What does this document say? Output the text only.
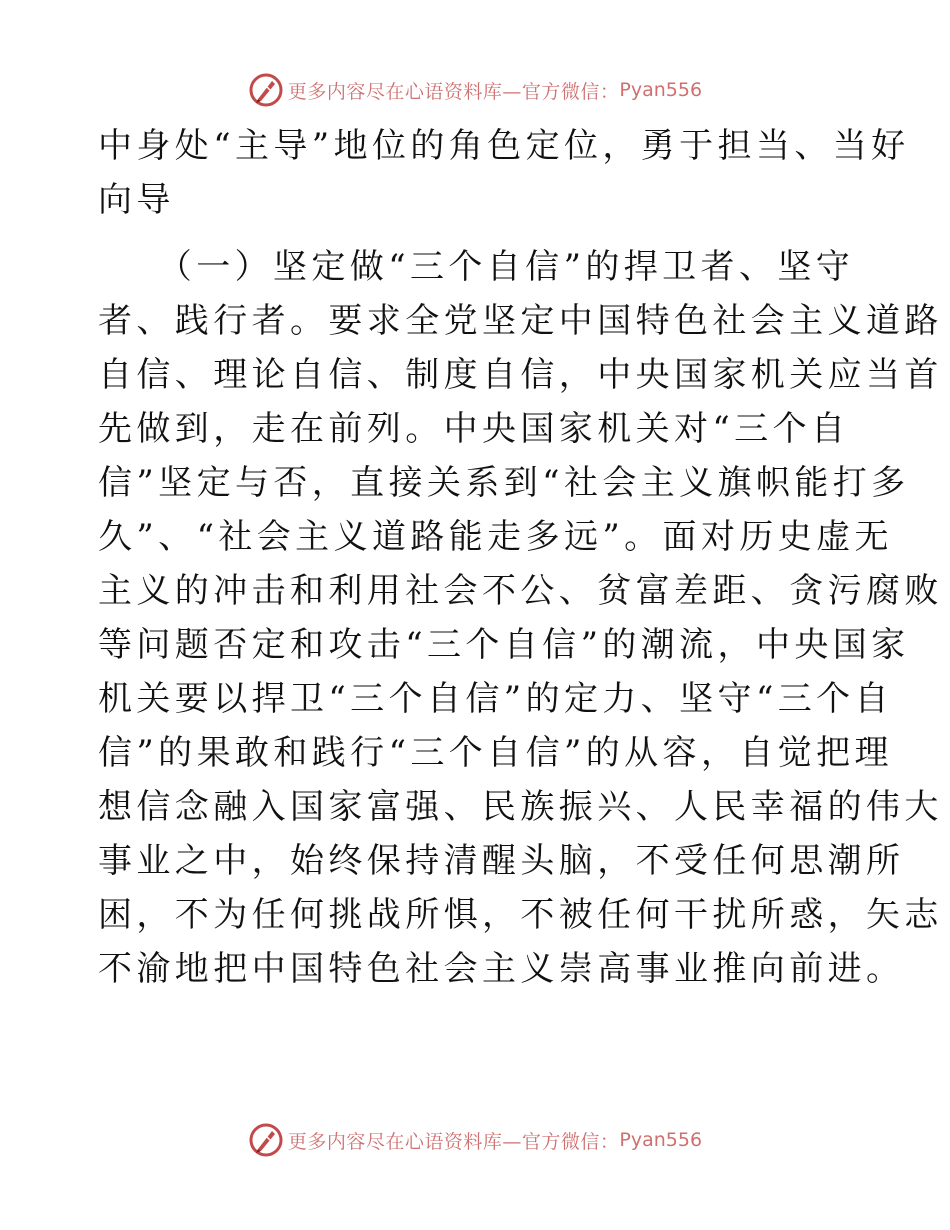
更多内容尽在心语资料库—官方微信： Pyan556

中身处“主导”地位的角色定位，勇于担当、当好
向导

　　（一）坚定做“三个自信”的捍卫者、坚守
者、践行者。要求全党坚定中国特色社会主义道路
自信、理论自信、制度自信，中央国家机关应当首
先做到，走在前列。中央国家机关对“三个自
信”坚定与否，直接关系到“社会主义旗帜能打多
久”、“社会主义道路能走多远”。面对历史虚无
主义的冲击和利用社会不公、贫富差距、贪污腐败
等问题否定和攻击“三个自信”的潮流，中央国家
机关要以捍卫“三个自信”的定力、坚守“三个自
信”的果敢和践行“三个自信”的从容，自觉把理
想信念融入国家富强、民族振兴、人民幸福的伟大
事业之中，始终保持清醒头脑，不受任何思潮所
困，不为任何挑战所惧，不被任何干扰所惑，矢志
不渝地把中国特色社会主义崇高事业推向前进。

更多内容尽在心语资料库—官方微信： Pyan556
